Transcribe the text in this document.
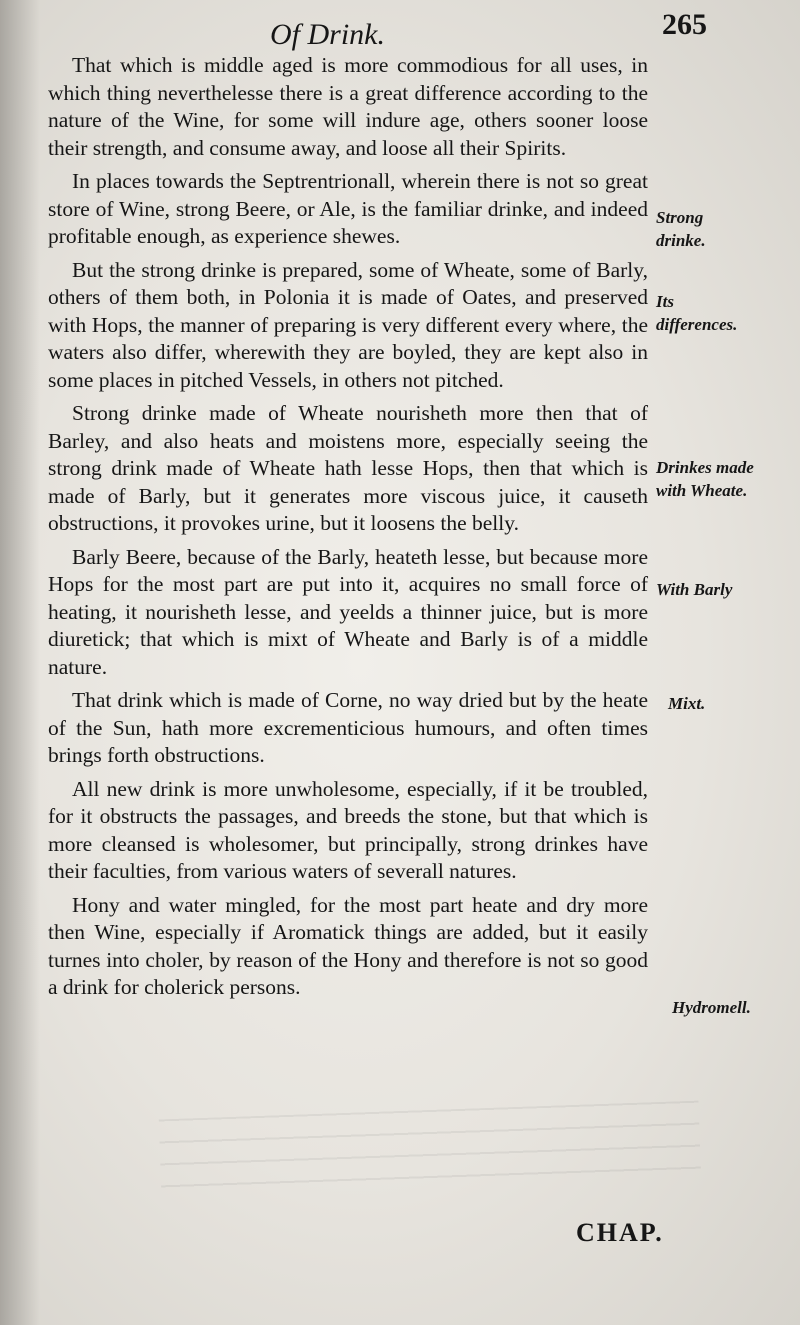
Of Drink.	265

That which is middle aged is more commodious for all uses, in which thing neverthelesse there is a great difference according to the nature of the Wine, for some will indure age, others sooner loose their strength, and consume away, and loose all their Spirits.

In places towards the Septrentrionall, wherein there is not so great store of Wine, strong Beere, or Ale, is the familiar drinke, and indeed profitable enough, as experience shewes.

But the strong drinke is prepared, some of Wheate, some of Barly, others of them both, in Polonia it is made of Oates, and preserved with Hops, the manner of preparing is very different every where, the waters also differ, wherewith they are boyled, they are kept also in some places in pitched Vessels, in others not pitched.

Strong drinke made of Wheate nourisheth more then that of Barley, and also heats and moistens more, especially seeing the strong drink made of Wheate hath lesse Hops, then that which is made of Barly, but it generates more viscous juice, it causeth obstructions, it provokes urine, but it loosens the belly.

Barly Beere, because of the Barly, heateth lesse, but because more Hops for the most part are put into it, acquires no small force of heating, it nourisheth lesse, and yeelds a thinner juice, but is more diuretick; that which is mixt of Wheate and Barly is of a middle nature.

That drink which is made of Corne, no way dried but by the heate of the Sun, hath more excrementicious humours, and often times brings forth obstructions.

All new drink is more unwholesome, especially, if it be troubled, for it obstructs the passages, and breeds the stone, but that which is more cleansed is wholesomer, but principally, strong drinkes have their faculties, from various waters of severall natures.

Hony and water mingled, for the most part heate and dry more then Wine, especially if Aromatick things are added, but it easily turnes into choler, by reason of the Hony and therefore is not so good a drink for cholerick persons.

Strong drinke.
Its differences.
Drinkes made with Wheate.
With Barly
Mixt.
Hydromell.
CHAP.
